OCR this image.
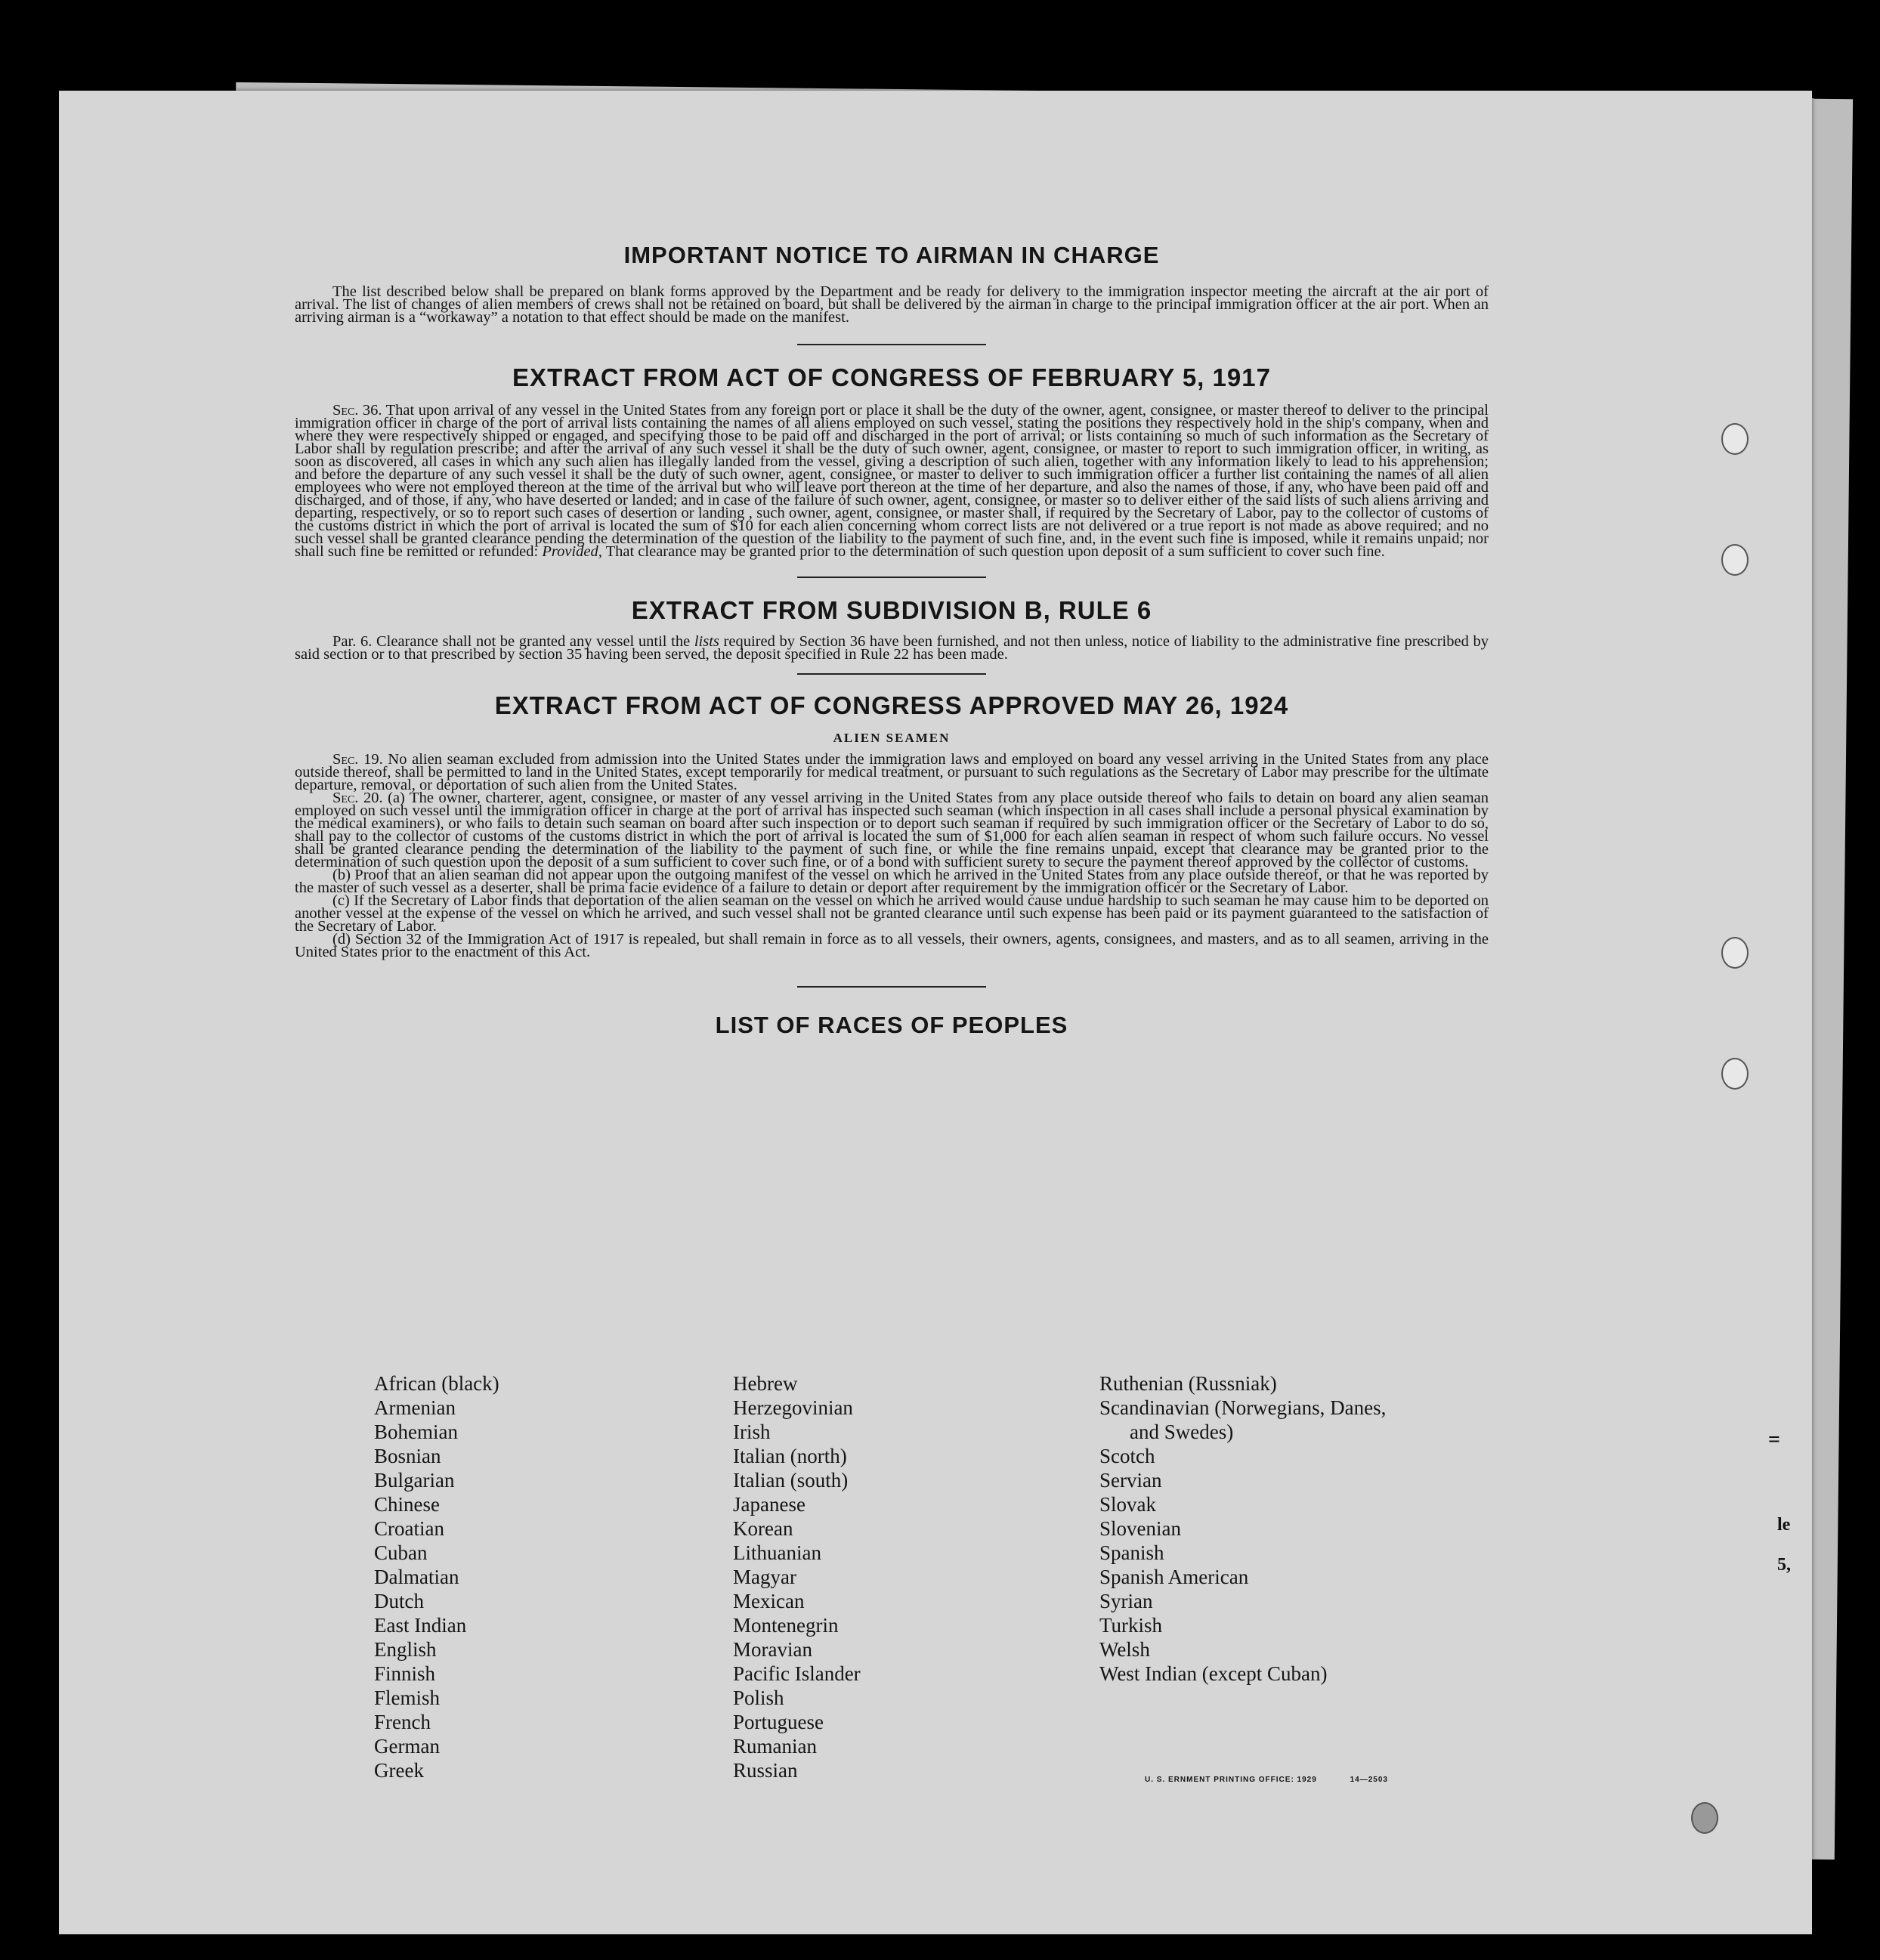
=
le
5,
IMPORTANT NOTICE TO AIRMAN IN CHARGE

The list described below shall be prepared on blank forms approved by the Department and be ready for delivery to the immigration inspector meeting the aircraft at the air port of arrival. The list of changes of alien members of crews shall not be retained on board, but shall be delivered by the airman in charge to the principal immigration officer at the air port. When an arriving airman is a “workaway” a notation to that effect should be made on the manifest.

EXTRACT FROM ACT OF CONGRESS OF FEBRUARY 5, 1917

Sec. 36. That upon arrival of any vessel in the United States from any foreign port or place it shall be the duty of the owner, agent, consignee, or master thereof to deliver to the principal immigration officer in charge of the port of arrival lists containing the names of all aliens employed on such vessel, stating the positions they respectively hold in the ship's company, when and where they were respectively shipped or engaged, and specifying those to be paid off and discharged in the port of arrival; or lists containing so much of such information as the Secretary of Labor shall by regulation prescribe; and after the arrival of any such vessel it shall be the duty of such owner, agent, consignee, or master to report to such immigration officer, in writing, as soon as discovered, all cases in which any such alien has illegally landed from the vessel, giving a description of such alien, together with any information likely to lead to his apprehension; and before the departure of any such vessel it shall be the duty of such owner, agent, consignee, or master to deliver to such immigration officer a further list containing the names of all alien employees who were not employed thereon at the time of the arrival but who will leave port thereon at the time of her departure, and also the names of those, if any, who have been paid off and discharged, and of those, if any, who have deserted or landed; and in case of the failure of such owner, agent, consignee, or master so to deliver either of the said lists of such aliens arriving and departing, respectively, or so to report such cases of desertion or landing , such owner, agent, consignee, or master shall, if required by the Secretary of Labor, pay to the collector of customs of the customs district in which the port of arrival is located the sum of $10 for each alien concerning whom correct lists are not delivered or a true report is not made as above required; and no such vessel shall be granted clearance pending the determination of the question of the liability to the payment of such fine, and, in the event such fine is imposed, while it remains unpaid; nor shall such fine be remitted or refunded: Provided, That clearance may be granted prior to the determination of such question upon deposit of a sum sufficient to cover such fine.

EXTRACT FROM SUBDIVISION B, RULE 6

Par. 6. Clearance shall not be granted any vessel until the lists required by Section 36 have been furnished, and not then unless, notice of liability to the administrative fine prescribed by said section or to that prescribed by section 35 having been served, the deposit specified in Rule 22 has been made.

EXTRACT FROM ACT OF CONGRESS APPROVED MAY 26, 1924
ALIEN SEAMEN

Sec. 19. No alien seaman excluded from admission into the United States under the immigration laws and employed on board any vessel arriving in the United States from any place outside thereof, shall be permitted to land in the United States, except temporarily for medical treatment, or pursuant to such regulations as the Secretary of Labor may prescribe for the ultimate departure, removal, or deportation of such alien from the United States.

Sec. 20. (a) The owner, charterer, agent, consignee, or master of any vessel arriving in the United States from any place outside thereof who fails to detain on board any alien seaman employed on such vessel until the immigration officer in charge at the port of arrival has inspected such seaman (which inspection in all cases shall include a personal physical examination by the medical examiners), or who fails to detain such seaman on board after such inspection or to deport such seaman if required by such immigration officer or the Secretary of Labor to do so, shall pay to the collector of customs of the customs district in which the port of arrival is located the sum of $1,000 for each alien seaman in respect of whom such failure occurs. No vessel shall be granted clearance pending the determination of the liability to the payment of such fine, or while the fine remains unpaid, except that clearance may be granted prior to the determination of such question upon the deposit of a sum sufficient to cover such fine, or of a bond with sufficient surety to secure the payment thereof approved by the collector of customs.

(b) Proof that an alien seaman did not appear upon the outgoing manifest of the vessel on which he arrived in the United States from any place outside thereof, or that he was reported by the master of such vessel as a deserter, shall be prima facie evidence of a failure to detain or deport after requirement by the immigration officer or the Secretary of Labor.

(c) If the Secretary of Labor finds that deportation of the alien seaman on the vessel on which he arrived would cause undue hardship to such seaman he may cause him to be deported on another vessel at the expense of the vessel on which he arrived, and such vessel shall not be granted clearance until such expense has been paid or its payment guaranteed to the satisfaction of the Secretary of Labor.

(d) Section 32 of the Immigration Act of 1917 is repealed, but shall remain in force as to all vessels, their owners, agents, consignees, and masters, and as to all seamen, arriving in the United States prior to the enactment of this Act.

LIST OF RACES OF PEOPLES
African (black)
Armenian
Bohemian
Bosnian
Bulgarian
Chinese
Croatian
Cuban
Dalmatian
Dutch
East Indian
English
Finnish
Flemish
French
German
Greek
Hebrew
Herzegovinian
Irish
Italian (north)
Italian (south)
Japanese
Korean
Lithuanian
Magyar
Mexican
Montenegrin
Moravian
Pacific Islander
Polish
Portuguese
Rumanian
Russian
Ruthenian (Russniak)
Scandinavian (Norwegians, Danes,
and Swedes)
Scotch
Servian
Slovak
Slovenian
Spanish
Spanish American
Syrian
Turkish
Welsh
West Indian (except Cuban)
U. S. ERNMENT PRINTING OFFICE: 1929	14—2503
